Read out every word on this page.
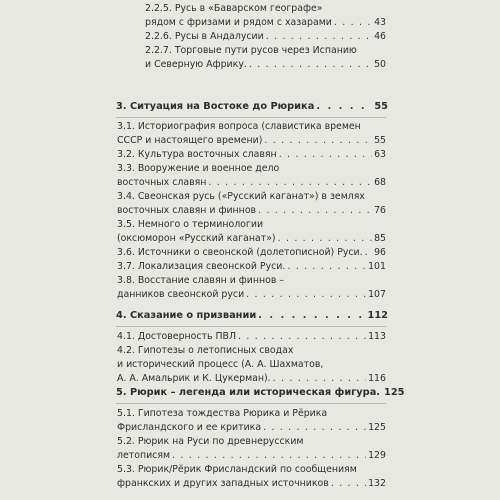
2.2.5. Русь в «Баварском географе»
рядом с фризами и рядом с хазарами . . .	43
2.2.6. Русы в Андалусии . . .	46
2.2.7. Торговые пути русов через Испанию
и Северную Африку. . . .	50
3. Ситуация на Востоке до Рюрика . . .	55
3.1. Историография вопроса (славистика времен
СССР и настоящего времени) . . .	55
3.2. Культура восточных славян . . .	63
3.3. Вооружение и военное дело
восточных славян . . .	68
3.4. Свеонская русь («Русский каганат») в землях
восточных славян и финнов . . .	76
3.5. Немного о терминологии
(оксюморон «Русский каганат») . . .	85
3.6. Источники о свеонской (долетописной) Руси. . . . 96
3.7. Локализация свеонской Руси. . . .	101
3.8. Восстание славян и финнов –
данников свеонской руси . . .	107
4. Сказание о призвании . . .	112
4.1. Достоверность ПВЛ . . .	113
4.2. Гипотезы о летописных сводах
и исторический процесс (А. А. Шахматов,
А. А. Амальрик и К. Цукерман). . . .	116
5. Рюрик – легенда или историческая фигура. 125
5.1. Гипотеза тождества Рюрика и Рёрика
Фрисландского и ее критика . . .	125
5.2. Рюрик на Руси по древнерусским
летописям . . .	129
5.3. Рюрик/Рёрик Фрисландский по сообщениям
франкских и других западных источников . . .	132
